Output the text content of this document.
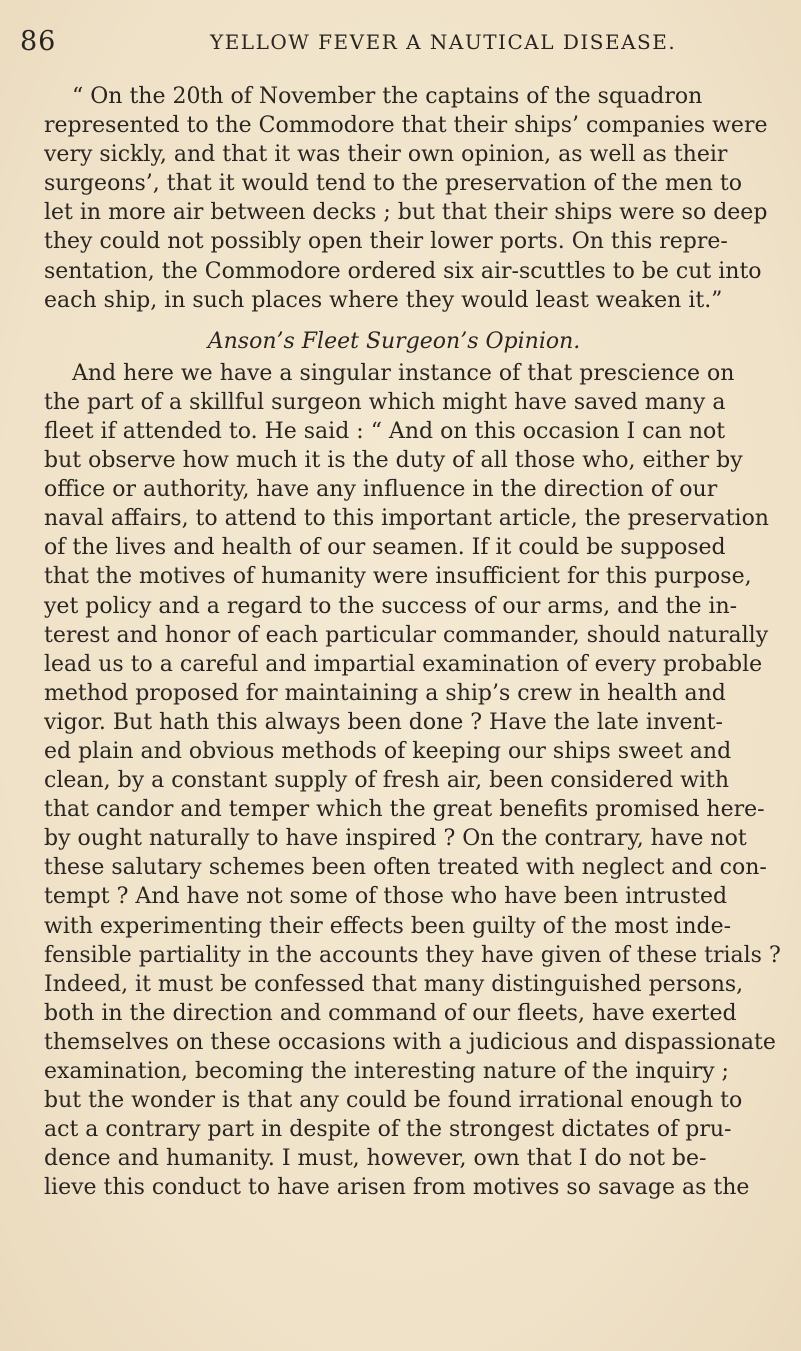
86	YELLOW FEVER A NAUTICAL DISEASE.
“ On the 20th of November the captains of the squadron
represented to the Commodore that their ships’ companies were
very sickly, and that it was their own opinion, as well as their
surgeons’, that it would tend to the preservation of the men to
let in more air between decks ; but that their ships were so deep
they could not possibly open their lower ports. On this repre-
sentation, the Commodore ordered six air-scuttles to be cut into
each ship, in such places where they would least weaken it.”
Anson’s Fleet Surgeon’s Opinion.
And here we have a singular instance of that prescience on
the part of a skillful surgeon which might have saved many a
fleet if attended to. He said : “ And on this occasion I can not
but observe how much it is the duty of all those who, either by
office or authority, have any influence in the direction of our
naval affairs, to attend to this important article, the preservation
of the lives and health of our seamen. If it could be supposed
that the motives of humanity were insufficient for this purpose,
yet policy and a regard to the success of our arms, and the in-
terest and honor of each particular commander, should naturally
lead us to a careful and impartial examination of every probable
method proposed for maintaining a ship’s crew in health and
vigor. But hath this always been done ? Have the late invent-
ed plain and obvious methods of keeping our ships sweet and
clean, by a constant supply of fresh air, been considered with
that candor and temper which the great benefits promised here-
by ought naturally to have inspired ? On the contrary, have not
these salutary schemes been often treated with neglect and con-
tempt ? And have not some of those who have been intrusted
with experimenting their effects been guilty of the most inde-
fensible partiality in the accounts they have given of these trials ?
Indeed, it must be confessed that many distinguished persons,
both in the direction and command of our fleets, have exerted
themselves on these occasions with a judicious and dispassionate
examination, becoming the interesting nature of the inquiry ;
but the wonder is that any could be found irrational enough to
act a contrary part in despite of the strongest dictates of pru-
dence and humanity. I must, however, own that I do not be-
lieve this conduct to have arisen from motives so savage as the
